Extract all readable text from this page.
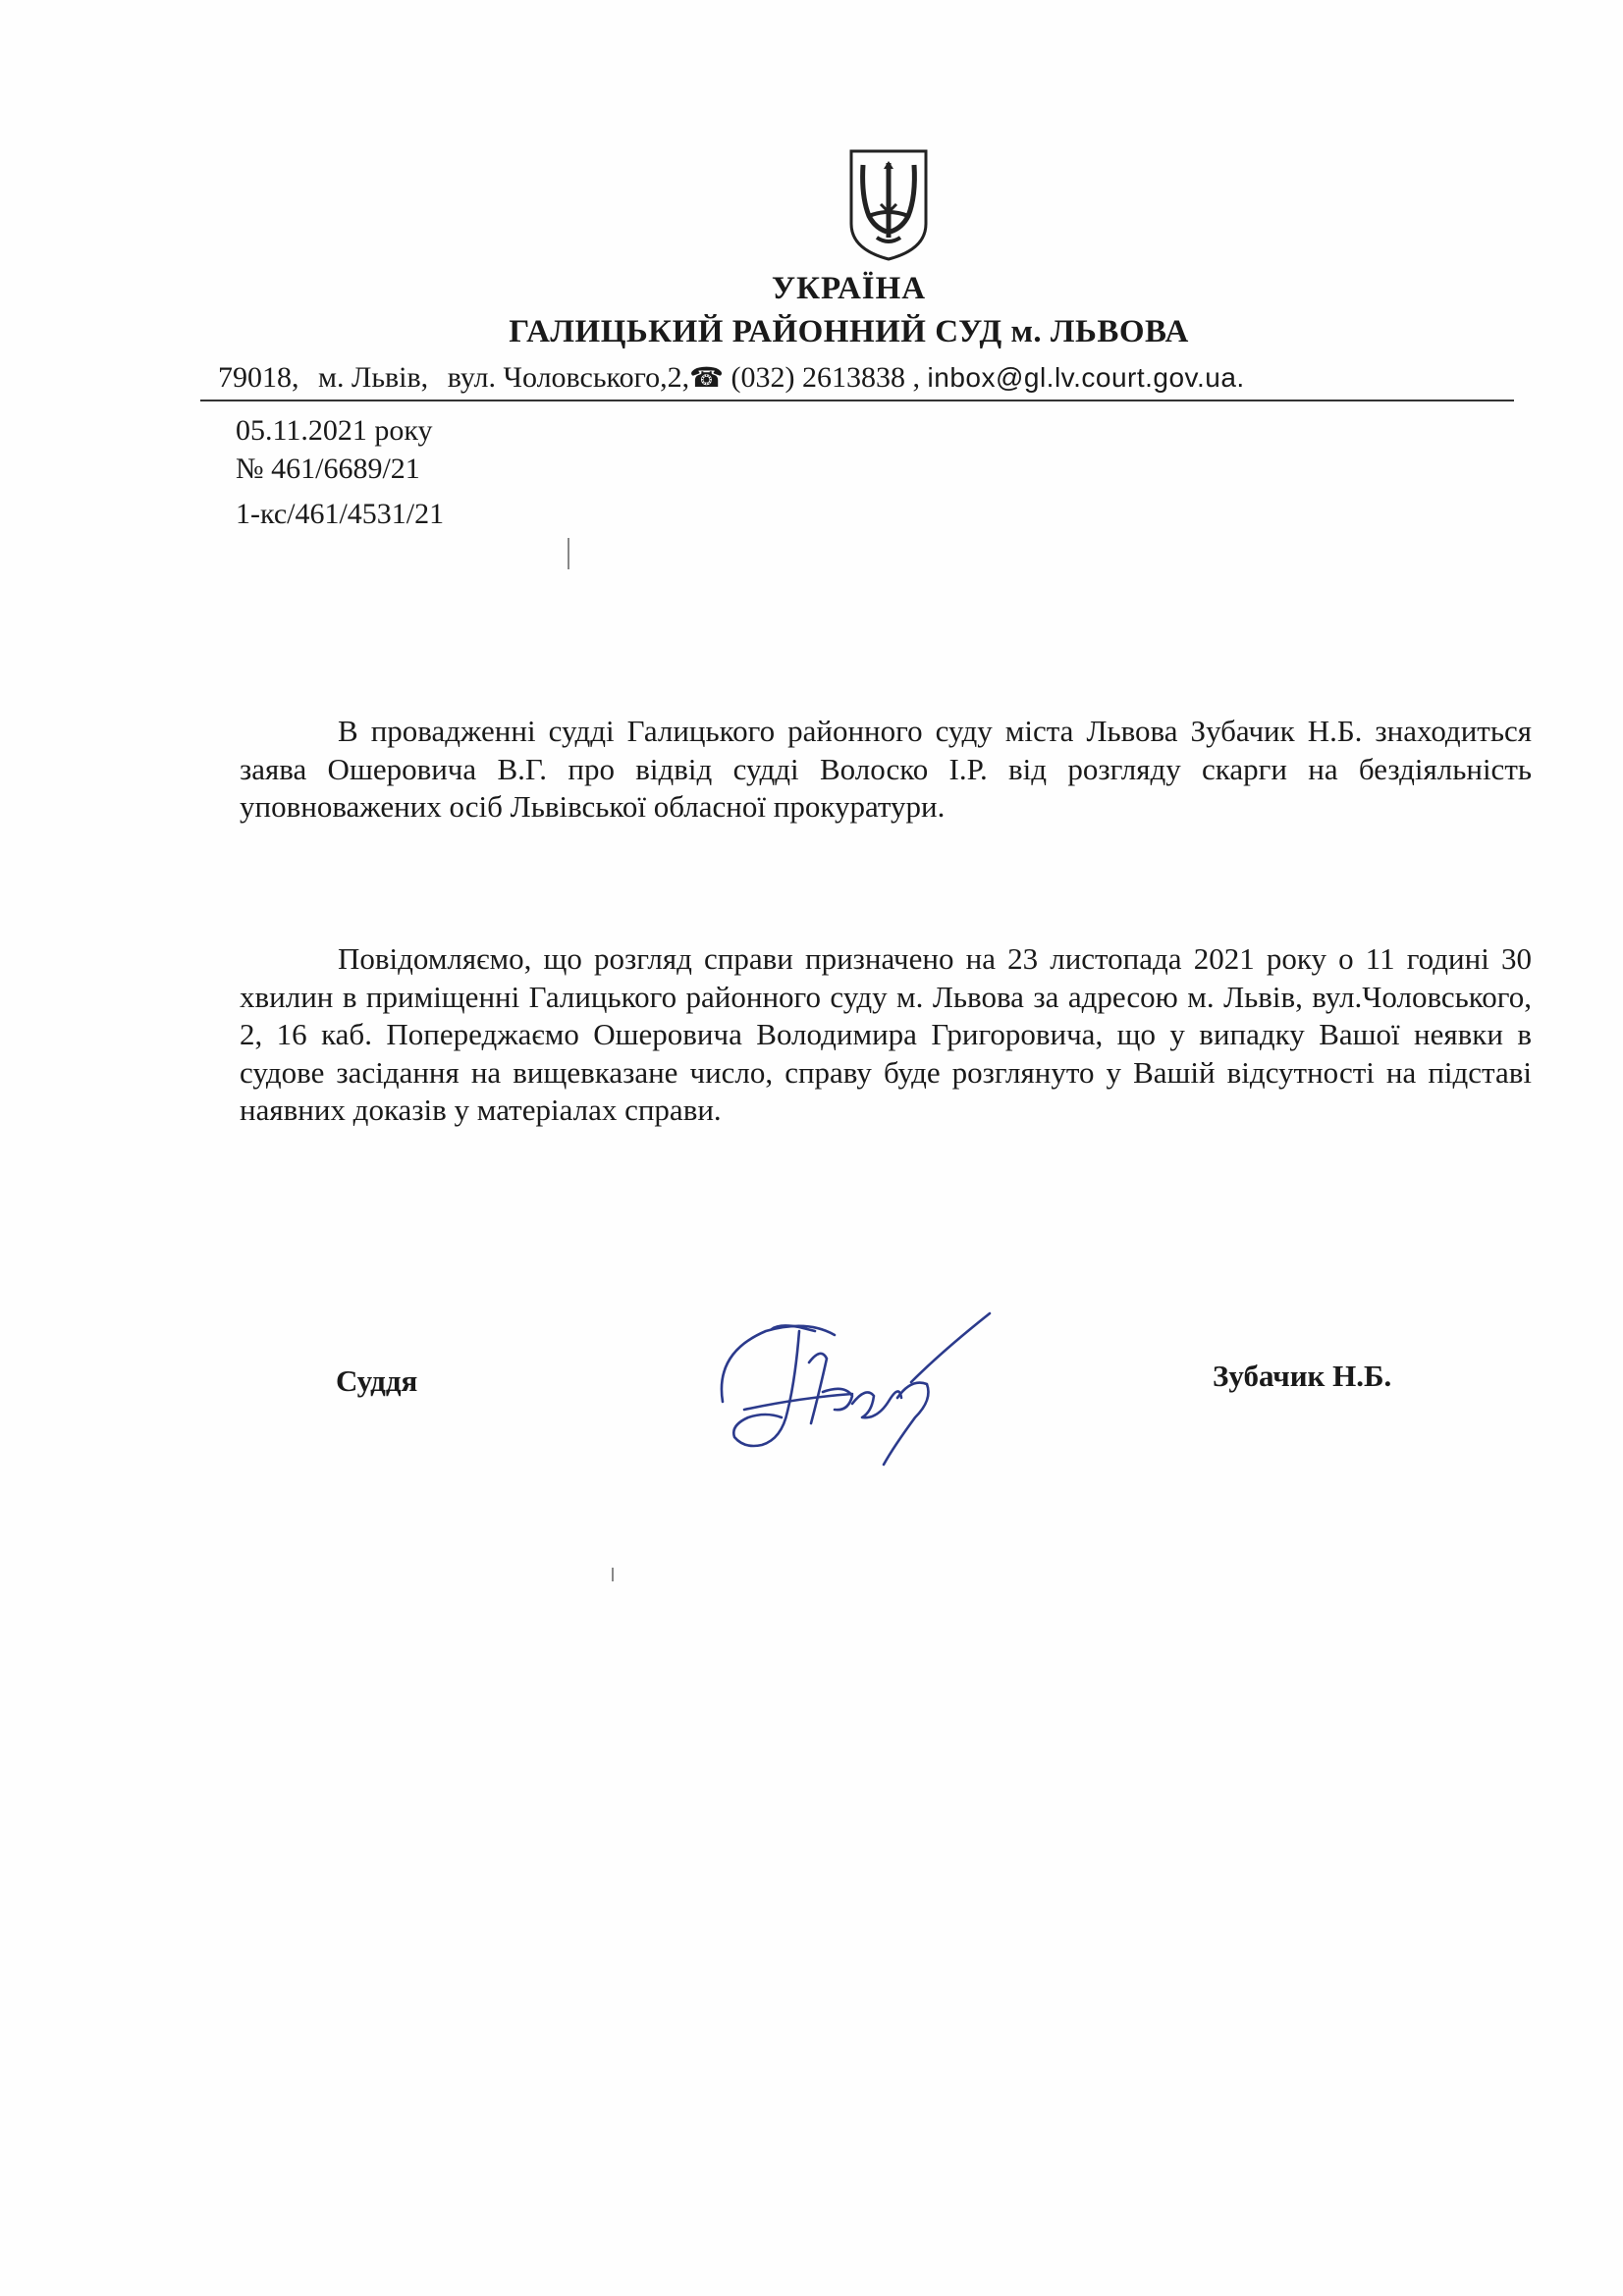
УКРАЇНА
ГАЛИЦЬКИЙ РАЙОННИЙ СУД м. ЛЬВОВА
79018, м. Львів, вул. Чоловського,2,☎ (032) 2613838 , inbox@gl.lv.court.gov.ua.
05.11.2021 року
№ 461/6689/21
1-кс/461/4531/21

В провадженні судді Галицького районного суду міста Львова Зубачик Н.Б. знаходиться заява Ошеровича В.Г. про відвід судді Волоско І.Р. від розгляду скарги на бездіяльність уповноважених осіб Львівської обласної прокуратури.

Повідомляємо, що розгляд справи призначено на 23 листопада 2021 року о 11 годині 30 хвилин в приміщенні Галицького районного суду м. Львова за адресою м. Львів, вул.Чоловського, 2, 16 каб. Попереджаємо Ошеровича Володимира Григоровича, що у випадку Вашої неявки в судове засідання на вищевказане число, справу буде розглянуто у Вашій відсутності на підставі наявних доказів у матеріалах справи.

Суддя	Зубачик Н.Б.
